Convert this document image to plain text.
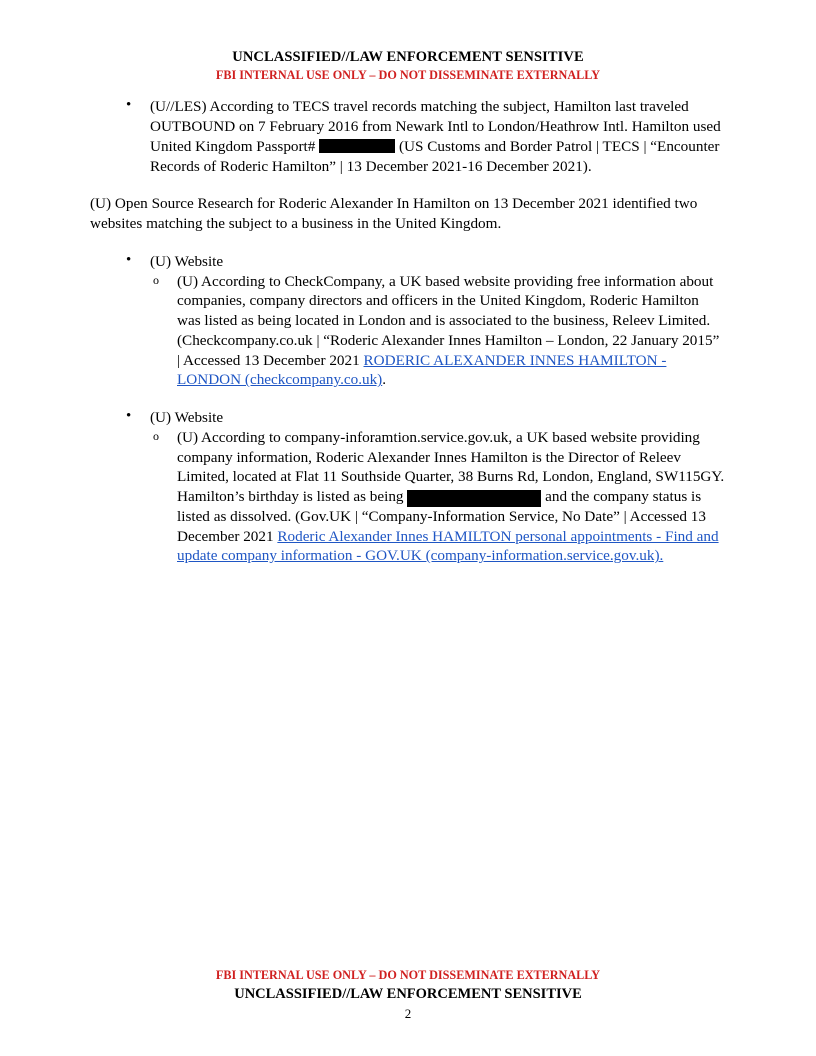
UNCLASSIFIED//LAW ENFORCEMENT SENSITIVE
FBI INTERNAL USE ONLY – DO NOT DISSEMINATE EXTERNALLY
• (U//LES) According to TECS travel records matching the subject, Hamilton last traveled OUTBOUND on 7 February 2016 from Newark Intl to London/Heathrow Intl. Hamilton used United Kingdom Passport#	(US Customs and Border Patrol | TECS | “Encounter Records of Roderic Hamilton” | 13 December 2021-16 December 2021).

(U) Open Source Research for Roderic Alexander In Hamilton on 13 December 2021 identified two websites matching the subject to a business in the United Kingdom.

• (U) Website

o (U) According to CheckCompany, a UK based website providing free information about companies, company directors and officers in the United Kingdom, Roderic Hamilton was listed as being located in London and is associated to the business, Releev Limited. (Checkcompany.co.uk | “Roderic Alexander Innes Hamilton – London, 22 January 2015” | Accessed 13 December 2021 RODERIC ALEXANDER INNES HAMILTON - LONDON (checkcompany.co.uk).

• (U) Website

o (U) According to company-inforamtion.service.gov.uk, a UK based website providing company information, Roderic Alexander Innes Hamilton is the Director of Releev Limited, located at Flat 11 Southside Quarter, 38 Burns Rd, London, England, SW115GY. Hamilton’s birthday is listed as being	and the company status is listed as dissolved. (Gov.UK | “Company-Information Service, No Date” | Accessed 13 December 2021 Roderic Alexander Innes HAMILTON personal appointments - Find and update company information - GOV.UK (company-information.service.gov.uk).

FBI INTERNAL USE ONLY – DO NOT DISSEMINATE EXTERNALLY
UNCLASSIFIED//LAW ENFORCEMENT SENSITIVE
2
